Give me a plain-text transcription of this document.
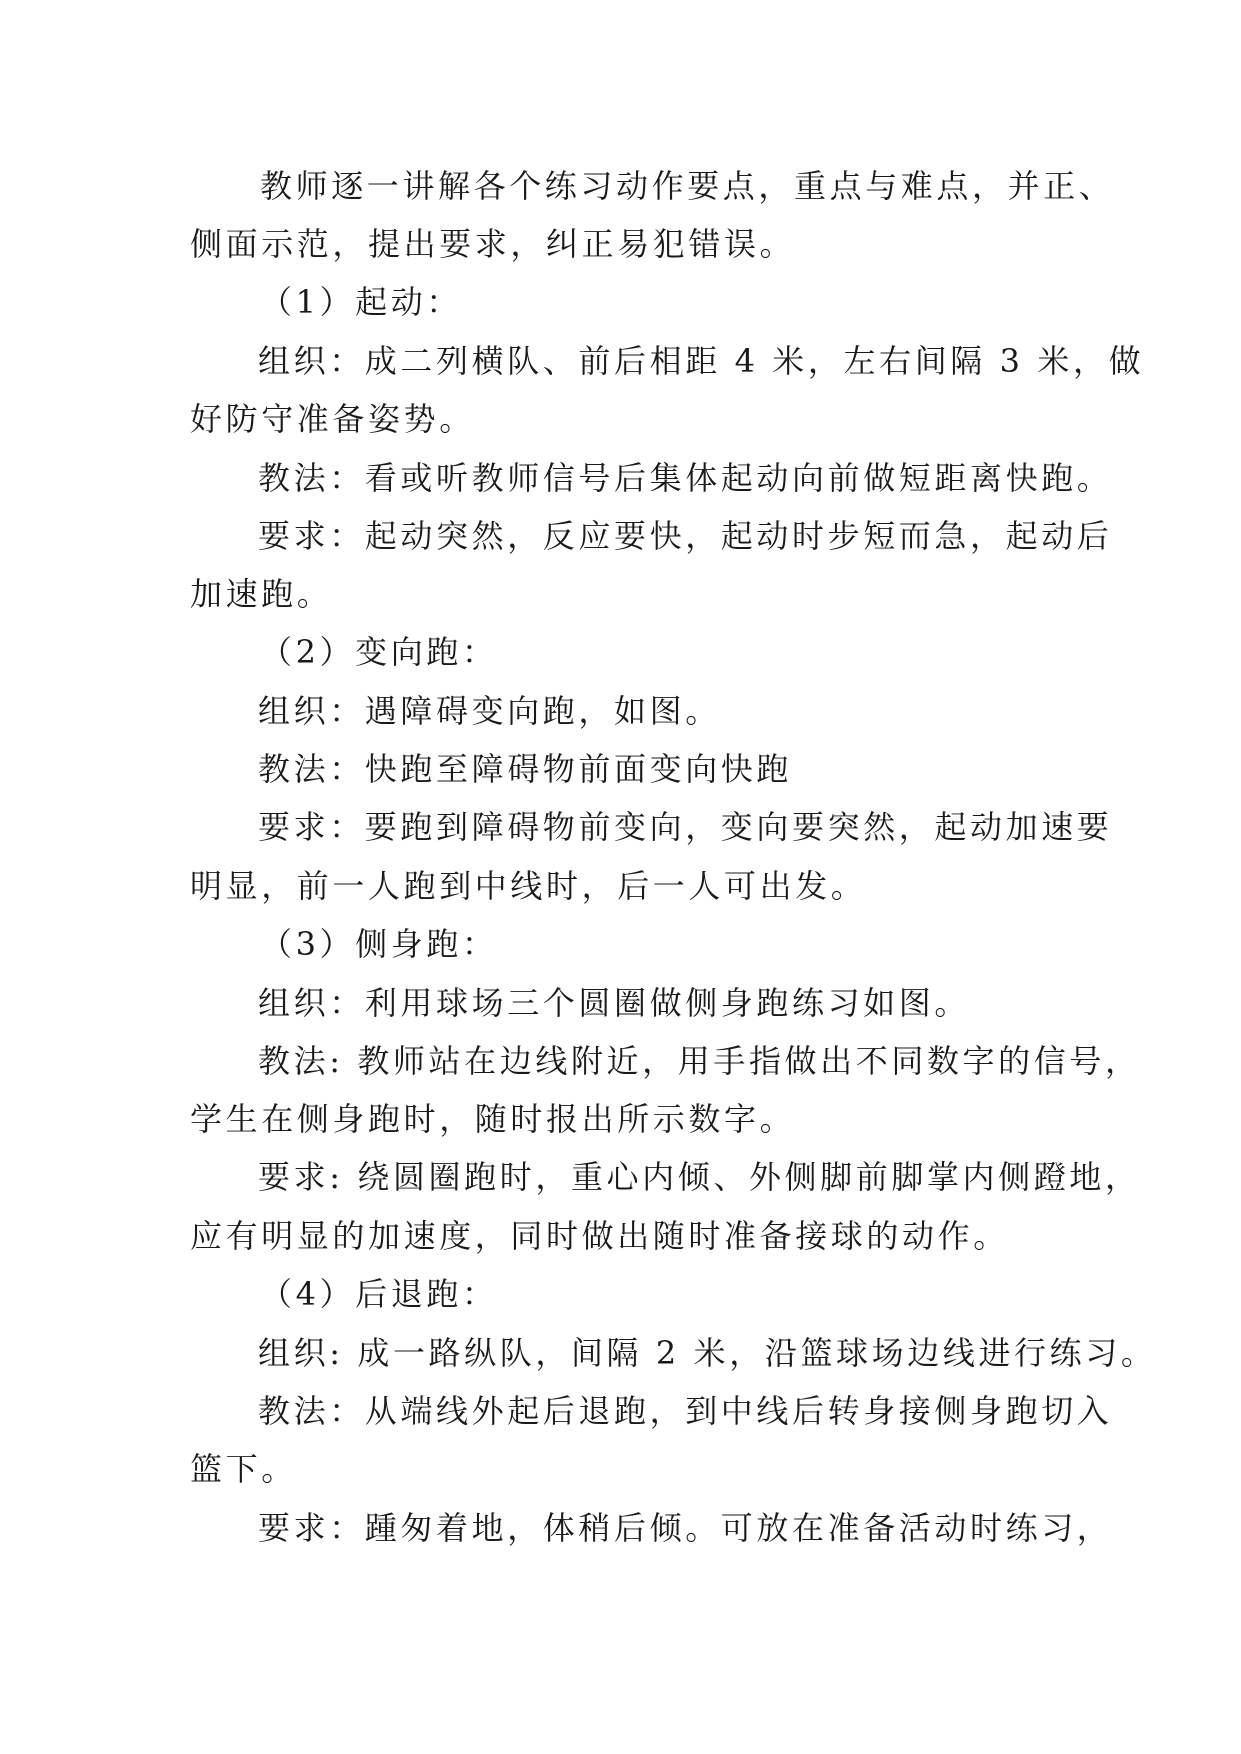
教师逐一讲解各个练习动作要点，重点与难点，并正、
侧面示范，提出要求，纠正易犯错误。
（1）起动：
组织：成二列横队、前后相距 4 米，左右间隔 3 米，做
好防守准备姿势。
教法：看或听教师信号后集体起动向前做短距离快跑。
要求：起动突然，反应要快，起动时步短而急，起动后
加速跑。
（2）变向跑：
组织：遇障碍变向跑，如图。
教法：快跑至障碍物前面变向快跑
要求：要跑到障碍物前变向，变向要突然，起动加速要
明显，前一人跑到中线时，后一人可出发。
（3）侧身跑：
组织：利用球场三个圆圈做侧身跑练习如图。
教法: 教师站在边线附近，用手指做出不同数字的信号，
学生在侧身跑时，随时报出所示数字。
要求: 绕圆圈跑时，重心内倾、外侧脚前脚掌内侧蹬地，
应有明显的加速度，同时做出随时准备接球的动作。
（4）后退跑：
组织: 成一路纵队，间隔 2 米，沿篮球场边线进行练习。
教法：从端线外起后退跑，到中线后转身接侧身跑切入
篮下。
要求：踵匆着地，体稍后倾。可放在准备活动时练习，
